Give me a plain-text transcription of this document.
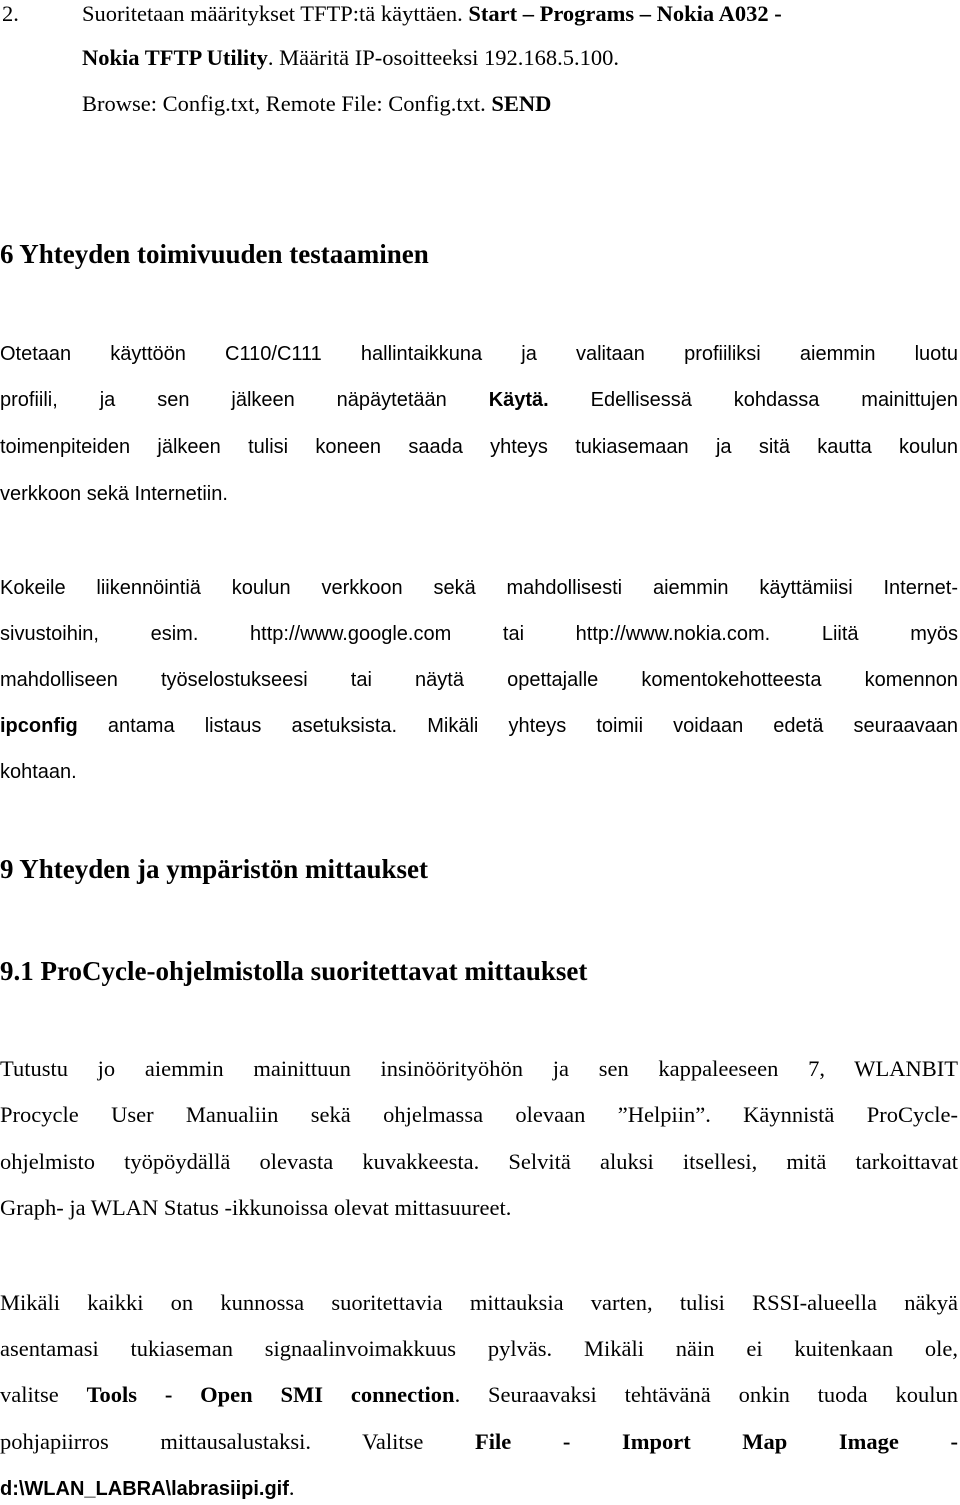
2.	Suoritetaan määritykset TFTP:tä käyttäen. Start – Programs – Nokia A032 -
Nokia TFTP Utility. Määritä IP-osoitteeksi 192.168.5.100.
Browse: Config.txt, Remote File: Config.txt. SEND
6 Yhteyden toimivuuden testaaminen
Otetaan käyttöön C110/C111 hallintaikkuna ja valitaan profiiliksi aiemmin luotu
profiili, ja sen jälkeen näpäytetään Käytä. Edellisessä kohdassa mainittujen
toimenpiteiden jälkeen tulisi koneen saada yhteys tukiasemaan ja sitä kautta koulun
verkkoon sekä Internetiin.
Kokeile liikennöintiä koulun verkkoon sekä mahdollisesti aiemmin käyttämiisi Internet-
sivustoihin, esim. http://www.google.com tai http://www.nokia.com. Liitä myös
mahdolliseen työselostukseesi tai näytä opettajalle komentokehotteesta komennon
ipconfig antama listaus asetuksista. Mikäli yhteys toimii voidaan edetä seuraavaan
kohtaan.
9 Yhteyden ja ympäristön mittaukset
9.1 ProCycle-ohjelmistolla suoritettavat mittaukset
Tutustu jo aiemmin mainittuun insinöörityöhön ja sen kappaleeseen 7, WLANBIT
Procycle User Manualiin sekä ohjelmassa olevaan ”Helpiin”. Käynnistä ProCycle-
ohjelmisto työpöydällä olevasta kuvakkeesta. Selvitä aluksi itsellesi, mitä tarkoittavat
Graph- ja WLAN Status -ikkunoissa olevat mittasuureet.
Mikäli kaikki on kunnossa suoritettavia mittauksia varten, tulisi RSSI-alueella näkyä
asentamasi tukiaseman signaalinvoimakkuus pylväs. Mikäli näin ei kuitenkaan ole,
valitse Tools - Open SMI connection. Seuraavaksi tehtävänä onkin tuoda koulun
pohjapiirros mittausalustaksi. Valitse File - Import Map Image -
d:\WLAN_LABRA\labrasiipi.gif.
